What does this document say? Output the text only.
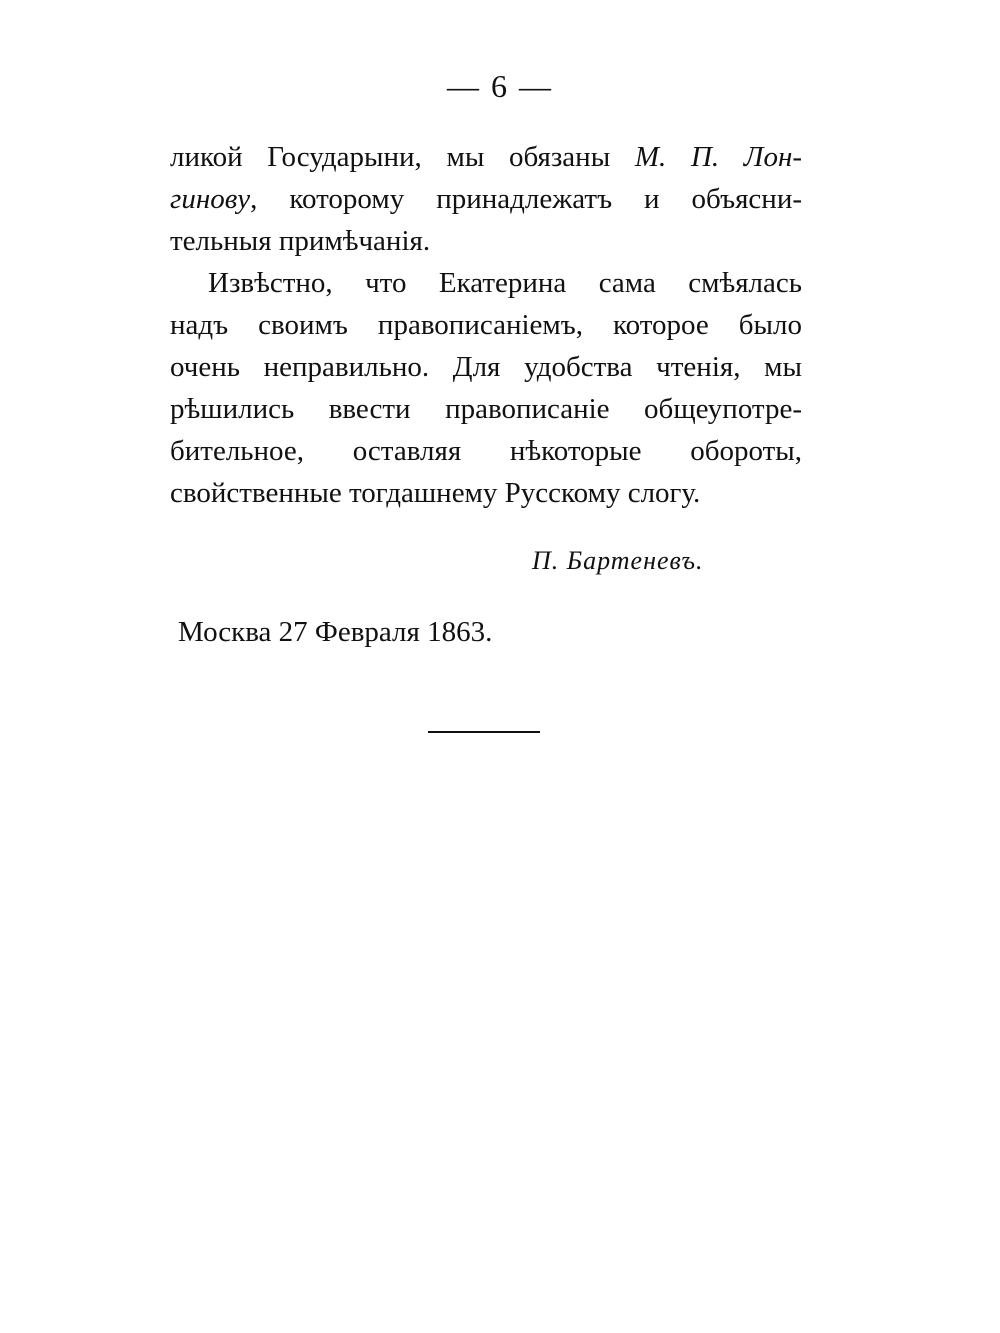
— 6 —
ликой Государыни, мы обязаны М. П. Лон-
гинову, которому принадлежатъ и объясни-
тельныя примѣчанія.
Извѣстно, что Екатерина сама смѣялась
надъ своимъ правописаніемъ, которое было
очень неправильно. Для удобства чтенія, мы
рѣшились ввести правописаніе общеупотре-
бительное, оставляя нѣкоторые обороты,
свойственные тогдашнему Русскому слогу.
П. Бартеневъ.
Москва 27 Февраля 1863.
